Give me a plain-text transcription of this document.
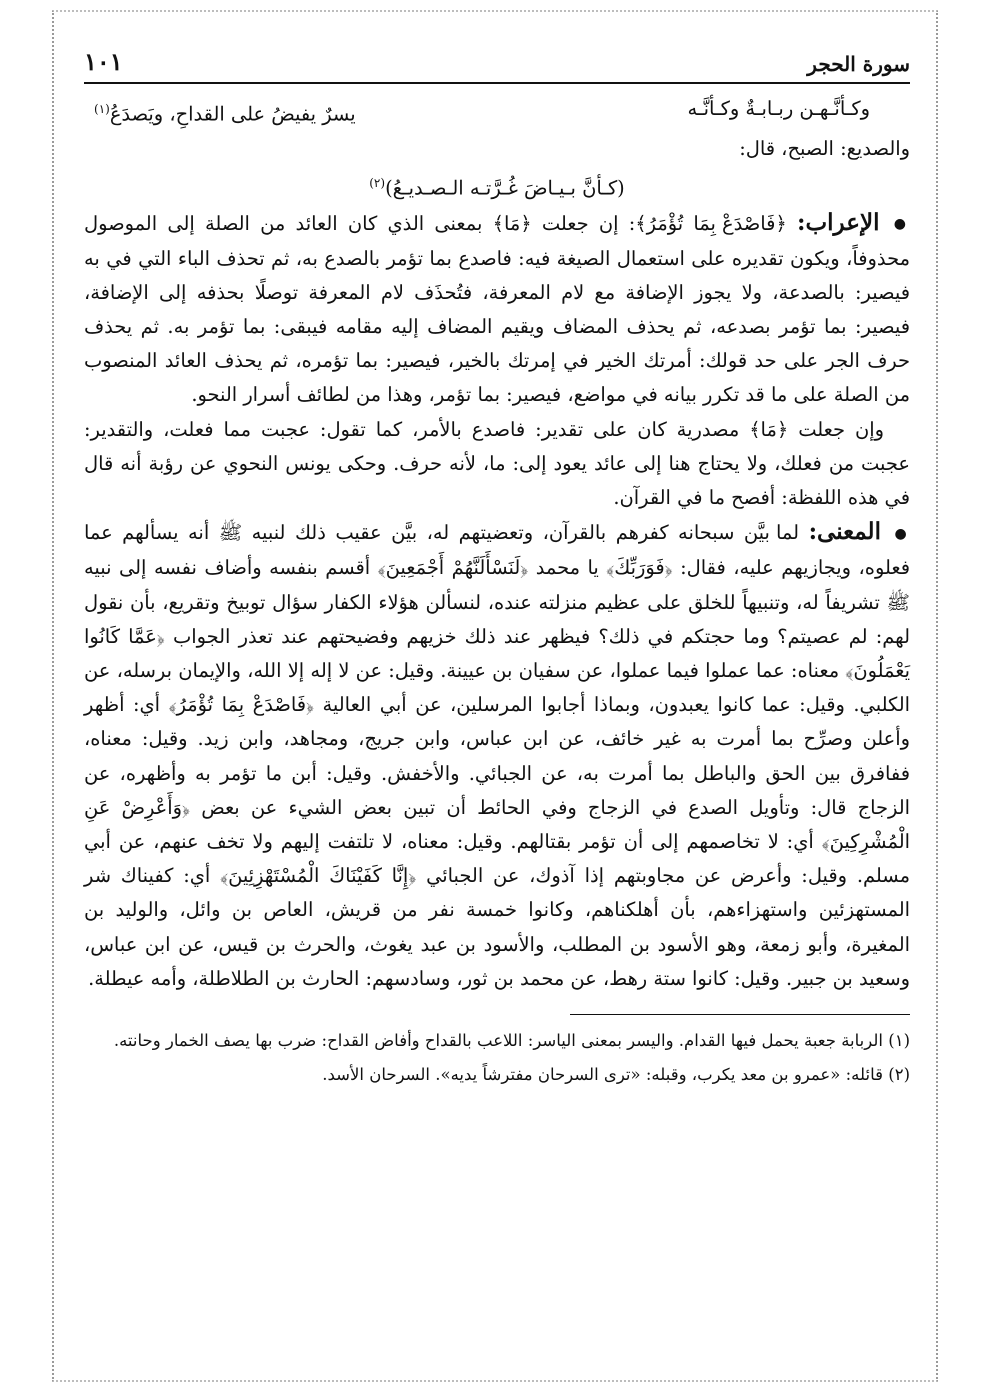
سورة الحجر
١٠١
وكـأنَّـهـن ربـابـةٌ وكـأنَّـه
يسرٌ يفيضُ على القداحِ، ويَصدَعُ$^{(١)}$

والصديع: الصبح، قال:

(كـأنَّ بـيـاضَ غُـرَّتـه الـصـديـعُ)$^{(٢)}$

● الإعراب: ﴿فَاصْدَعْ بِمَا تُؤْمَرُ﴾: إن جعلت ﴿مَا﴾ بمعنى الذي كان العائد من الصلة إلى الموصول محذوفاً، ويكون تقديره على استعمال الصيغة فيه: فاصدع بما تؤمر بالصدع به، ثم تحذف الباء التي في به فيصير: بالصدعة، ولا يجوز الإضافة مع لام المعرفة، فتُحذَف لام المعرفة توصلًا بحذفه إلى الإضافة، فيصير: بما تؤمر بصدعه، ثم يحذف المضاف ويقيم المضاف إليه مقامه فيبقى: بما تؤمر به. ثم يحذف حرف الجر على حد قولك: أمرتك الخير في إمرتك بالخير، فيصير: بما تؤمره، ثم يحذف العائد المنصوب من الصلة على ما قد تكرر بيانه في مواضع، فيصير: بما تؤمر، وهذا من لطائف أسرار النحو.

وإن جعلت ﴿مَا﴾ مصدرية كان على تقدير: فاصدع بالأمر، كما تقول: عجبت مما فعلت، والتقدير: عجبت من فعلك، ولا يحتاج هنا إلى عائد يعود إلى: ما، لأنه حرف. وحكى يونس النحوي عن رؤبة أنه قال في هذه اللفظة: أفصح ما في القرآن.

● المعنى: لما بيَّن سبحانه كفرهم بالقرآن، وتعضيتهم له، بيَّن عقيب ذلك لنبيه ﷺ أنه يسألهم عما فعلوه، ويجازيهم عليه، فقال: ﴿فَوَرَبِّكَ﴾ يا محمد ﴿لَنَسْأَلَنَّهُمْ أَجْمَعِينَ﴾ أقسم بنفسه وأضاف نفسه إلى نبيه ﷺ تشريفاً له، وتنبيهاً للخلق على عظيم منزلته عنده، لنسألن هؤلاء الكفار سؤال توبيخ وتقريع، بأن نقول لهم: لم عصيتم؟ وما حجتكم في ذلك؟ فيظهر عند ذلك خزيهم وفضيحتهم عند تعذر الجواب ﴿عَمَّا كَانُوا يَعْمَلُونَ﴾ معناه: عما عملوا فيما عملوا، عن سفيان بن عيينة. وقيل: عن لا إله إلا الله، والإيمان برسله، عن الكلبي. وقيل: عما كانوا يعبدون، وبماذا أجابوا المرسلين، عن أبي العالية ﴿فَاصْدَعْ بِمَا تُؤْمَرُ﴾ أي: أظهر وأعلن وصرِّح بما أمرت به غير خائف، عن ابن عباس، وابن جريج، ومجاهد، وابن زيد. وقيل: معناه، ففافرق بين الحق والباطل بما أمرت به، عن الجبائي. والأخفش. وقيل: أبن ما تؤمر به وأظهره، عن الزجاج قال: وتأويل الصدع في الزجاج وفي الحائط أن تبين بعض الشيء عن بعض ﴿وَأَعْرِضْ عَنِ الْمُشْرِكِينَ﴾ أي: لا تخاصمهم إلى أن تؤمر بقتالهم. وقيل: معناه، لا تلتفت إليهم ولا تخف عنهم، عن أبي مسلم. وقيل: وأعرض عن مجاوبتهم إذا آذوك، عن الجبائي ﴿إِنَّا كَفَيْنَاكَ الْمُسْتَهْزِئِينَ﴾ أي: كفيناك شر المستهزئين واستهزاءهم، بأن أهلكناهم، وكانوا خمسة نفر من قريش، العاص بن وائل، والوليد بن المغيرة، وأبو زمعة، وهو الأسود بن المطلب، والأسود بن عبد يغوث، والحرث بن قيس، عن ابن عباس، وسعيد بن جبير. وقيل: كانوا ستة رهط، عن محمد بن ثور، وسادسهم: الحارث بن الطلاطلة، وأمه عيطلة.

(١) الربابة جعبة يحمل فيها القدام. واليسر بمعنى الياسر: اللاعب بالقداح وأفاض القداح: ضرب بها يصف الخمار وحانته.

(٢) قائله: «عمرو بن معد يكرب، وقبله: «ترى السرحان مفترشاً يديه». السرحان الأسد.
